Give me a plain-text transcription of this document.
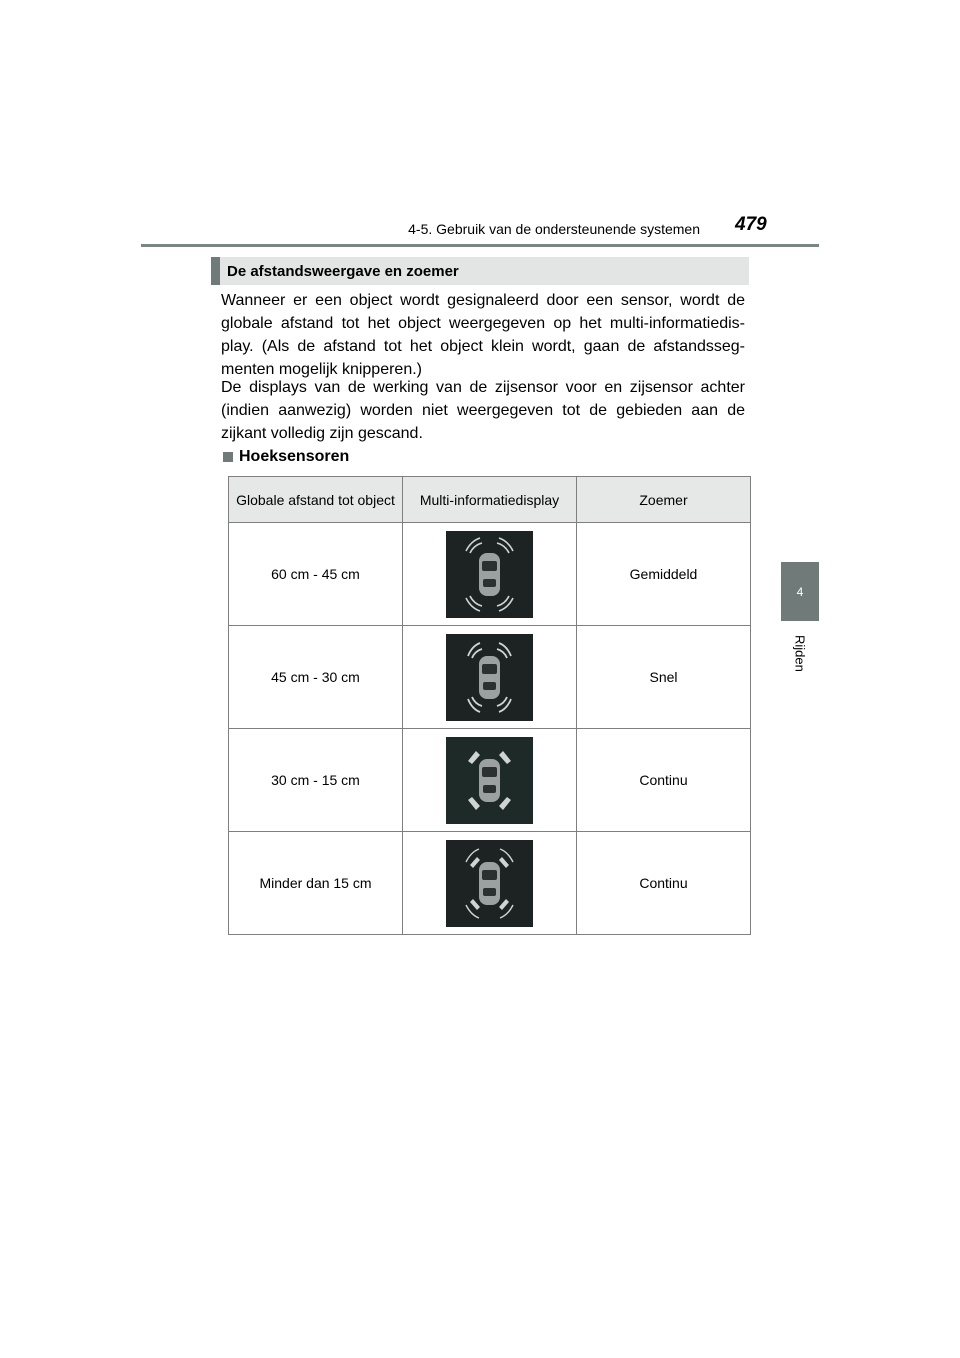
4-5. Gebruik van de ondersteunende systemen 479
4
Rijden
De afstandsweergave en zoemer

Wanneer er een object wordt gesignaleerd door een sensor, wordt de globale afstand tot het object weergegeven op het multi-informatiedis-play. (Als de afstand tot het object klein wordt, gaan de afstandsseg-menten mogelijk knipperen.)

De displays van de werking van de zijsensor voor en zijsensor achter (indien aanwezig) worden niet weergegeven tot de gebieden aan de zijkant volledig zijn gescand.

Hoeksensoren
Globale afstand tot object	Multi-informatiedisplay	Zoemer
60 cm - 45 cm		Gemiddeld
45 cm - 30 cm		Snel
30 cm - 15 cm		Continu
Minder dan 15 cm		Continu
